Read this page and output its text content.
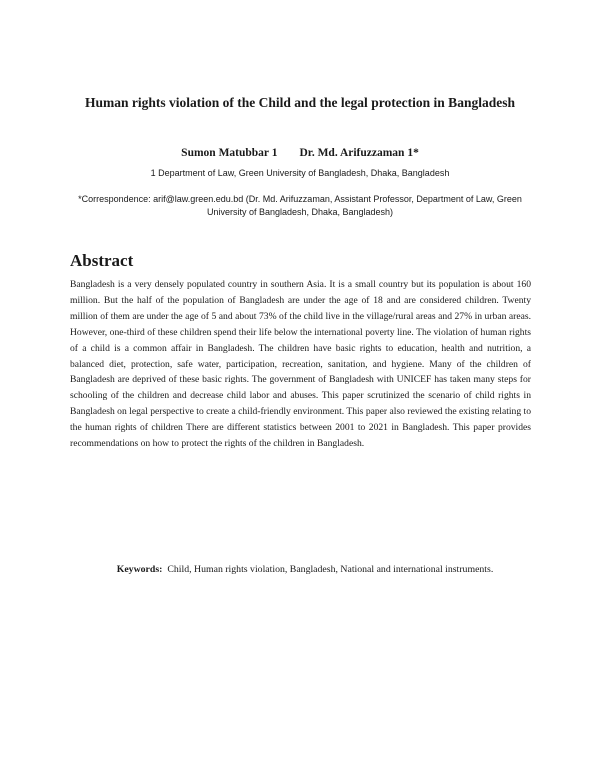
Human rights violation of the Child and the legal protection in Bangladesh
Sumon Matubbar 1 Dr. Md. Arifuzzaman 1*
1 Department of Law, Green University of Bangladesh, Dhaka, Bangladesh
*Correspondence: arif@law.green.edu.bd (Dr. Md. Arifuzzaman, Assistant Professor, Department of Law, Green University of Bangladesh, Dhaka, Bangladesh)
Abstract

Bangladesh is a very densely populated country in southern Asia. It is a small country but its population is about 160 million. But the half of the population of Bangladesh are under the age of 18 and are considered children. Twenty million of them are under the age of 5 and about 73% of the child live in the village/rural areas and 27% in urban areas. However, one-third of these children spend their life below the international poverty line. The violation of human rights of a child is a common affair in Bangladesh. The children have basic rights to education, health and nutrition, a balanced diet, protection, safe water, participation, recreation, sanitation, and hygiene. Many of the children of Bangladesh are deprived of these basic rights. The government of Bangladesh with UNICEF has taken many steps for schooling of the children and decrease child labor and abuses. This paper scrutinized the scenario of child rights in Bangladesh on legal perspective to create a child-friendly environment. This paper also reviewed the existing relating to the human rights of children There are different statistics between 2001 to 2021 in Bangladesh. This paper provides recommendations on how to protect the rights of the children in Bangladesh.

Keywords: Child, Human rights violation, Bangladesh, National and international instruments.
